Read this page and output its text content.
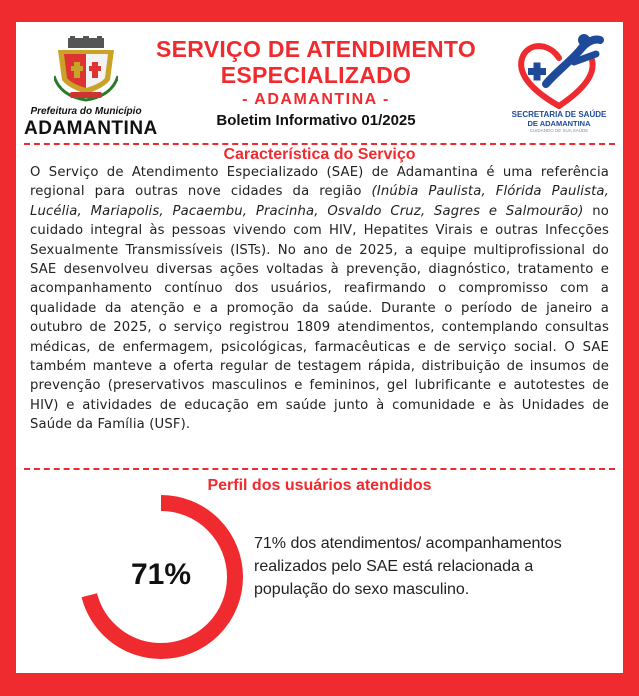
Prefeitura do Município
ADAMANTINA
SERVIÇO DE ATENDIMENTO
ESPECIALIZADO
- ADAMANTINA -
Boletim Informativo 01/2025	SECRETARIA DE SAÚDE
DE ADAMANTINA
CUIDANDO DE SUA SAÚDE
Característica do Serviço
O Serviço de Atendimento Especializado (SAE) de Adamantina é uma referência regional para outras nove cidades da região (Inúbia Paulista, Flórida Paulista, Lucélia, Mariapolis, Pacaembu, Pracinha, Osvaldo Cruz, Sagres e Salmourão) no cuidado integral às pessoas vivendo com HIV, Hepatites Virais e outras Infecções Sexualmente Transmissíveis (ISTs). No ano de 2025, a equipe multiprofissional do SAE desenvolveu diversas ações voltadas à prevenção, diagnóstico, tratamento e acompanhamento contínuo dos usuários, reafirmando o compromisso com a qualidade da atenção e a promoção da saúde. Durante o período de janeiro a outubro de 2025, o serviço registrou 1809 atendimentos, contemplando consultas médicas, de enfermagem, psicológicas, farmacêuticas e de serviço social. O SAE também manteve a oferta regular de testagem rápida, distribuição de insumos de prevenção (preservativos masculinos e femininos, gel lubrificante e autotestes de HIV) e atividades de educação em saúde junto à comunidade e às Unidades de Saúde da Família (USF).
Perfil dos usuários atendidos
71%
71% dos atendimentos/ acompanhamentos realizados pelo SAE está relacionada a população do sexo masculino.
